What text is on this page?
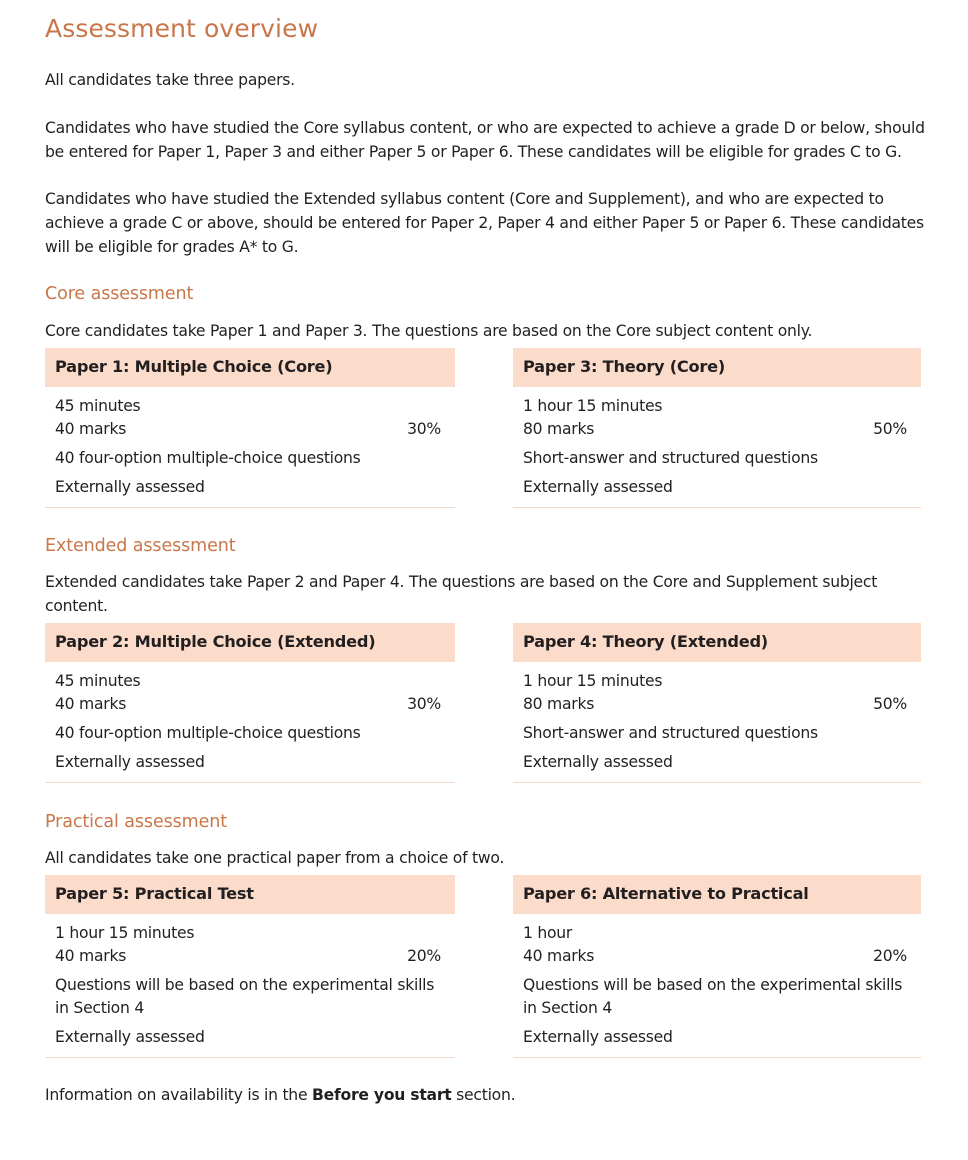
Assessment overview

All candidates take three papers.

Candidates who have studied the Core syllabus content, or who are expected to achieve a grade D or below, should be entered for Paper 1, Paper 3 and either Paper 5 or Paper 6. These candidates will be eligible for grades C to G.

Candidates who have studied the Extended syllabus content (Core and Supplement), and who are expected to achieve a grade C or above, should be entered for Paper 2, Paper 4 and either Paper 5 or Paper 6. These candidates will be eligible for grades A* to G.

Core assessment

Core candidates take Paper 1 and Paper 3. The questions are based on the Core subject content only.

Paper 1: Multiple Choice (Core)
45 minutes
40 marks	30%
40 four-option multiple-choice questions
Externally assessed
Paper 3: Theory (Core)
1 hour 15 minutes
80 marks	50%
Short-answer and structured questions
Externally assessed
Extended assessment

Extended candidates take Paper 2 and Paper 4. The questions are based on the Core and Supplement subject content.

Paper 2: Multiple Choice (Extended)
45 minutes
40 marks	30%
40 four-option multiple-choice questions
Externally assessed
Paper 4: Theory (Extended)
1 hour 15 minutes
80 marks	50%
Short-answer and structured questions
Externally assessed
Practical assessment

All candidates take one practical paper from a choice of two.

Paper 5: Practical Test
1 hour 15 minutes
40 marks	20%
Questions will be based on the experimental skills
in Section 4
Externally assessed
Paper 6: Alternative to Practical
1 hour
40 marks	20%
Questions will be based on the experimental skills
in Section 4
Externally assessed

Information on availability is in the Before you start section.
